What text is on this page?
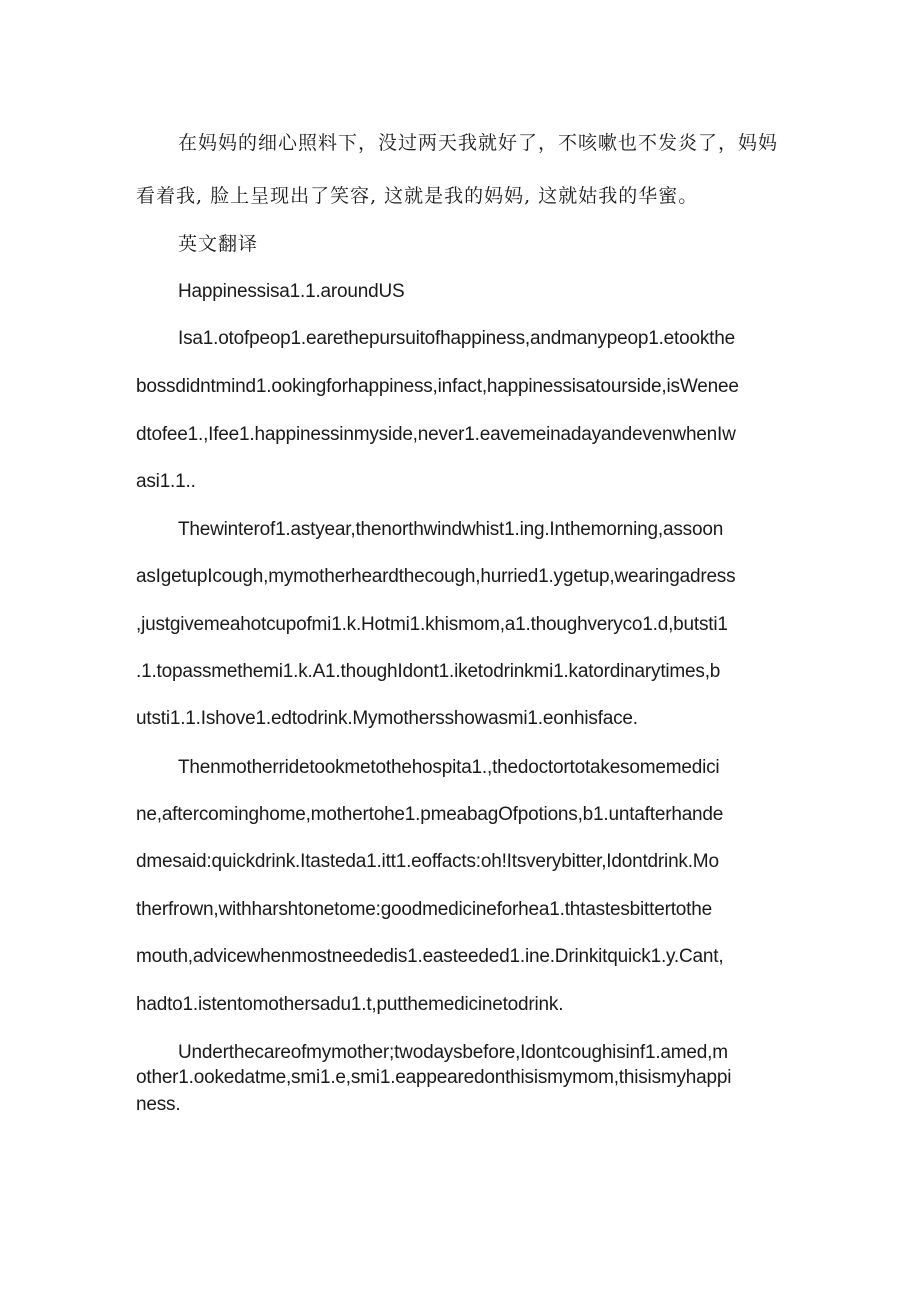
在妈妈的细心照料下，没过两天我就好了，不咳嗽也不发炎了，妈妈
看着我, 脸上呈现出了笑容, 这就是我的妈妈, 这就姑我的华蜜。
英文翻译
Happinessisa1.1.aroundUS
Isa1.otofpeop1.earethepursuitofhappiness,andmanypeop1.etookthe
bossdidntmind1.ookingforhappiness,infact,happinessisatourside,isWenee
dtofee1.,Ifee1.happinessinmyside,never1.eavemeinadayandevenwhenIw
asi1.1..
Thewinterof1.astyear,thenorthwindwhist1.ing.Inthemorning,assoon
asIgetupIcough,mymotherheardthecough,hurried1.ygetup,wearingadress
,justgivemeahotcupofmi1.k.Hotmi1.khismom,a1.thoughveryco1.d,butsti1
.1.topassmethemi1.k.A1.thoughIdont1.iketodrinkmi1.katordinarytimes,b
utsti1.1.Ishove1.edtodrink.Mymothersshowasmi1.eonhisface.
Thenmotherridetookmetothehospita1.,thedoctortotakesomemedici
ne,aftercominghome,mothertohe1.pmeabagOfpotions,b1.untafterhande
dmesaid:quickdrink.Itasteda1.itt1.eoffacts:oh!Itsverybitter,Idontdrink.Mo
therfrown,withharshtonetome:goodmedicineforhea1.thtastesbittertothe
mouth,advicewhenmostneededis1.easteeded1.ine.Drinkitquick1.y.Cant,
hadto1.istentomothersadu1.t,putthemedicinetodrink.
Underthecareofmymother;twodaysbefore,Idontcoughisinf1.amed,m
other1.ookedatme,smi1.e,smi1.eappearedonthisismymom,thisismyhappi
ness.
